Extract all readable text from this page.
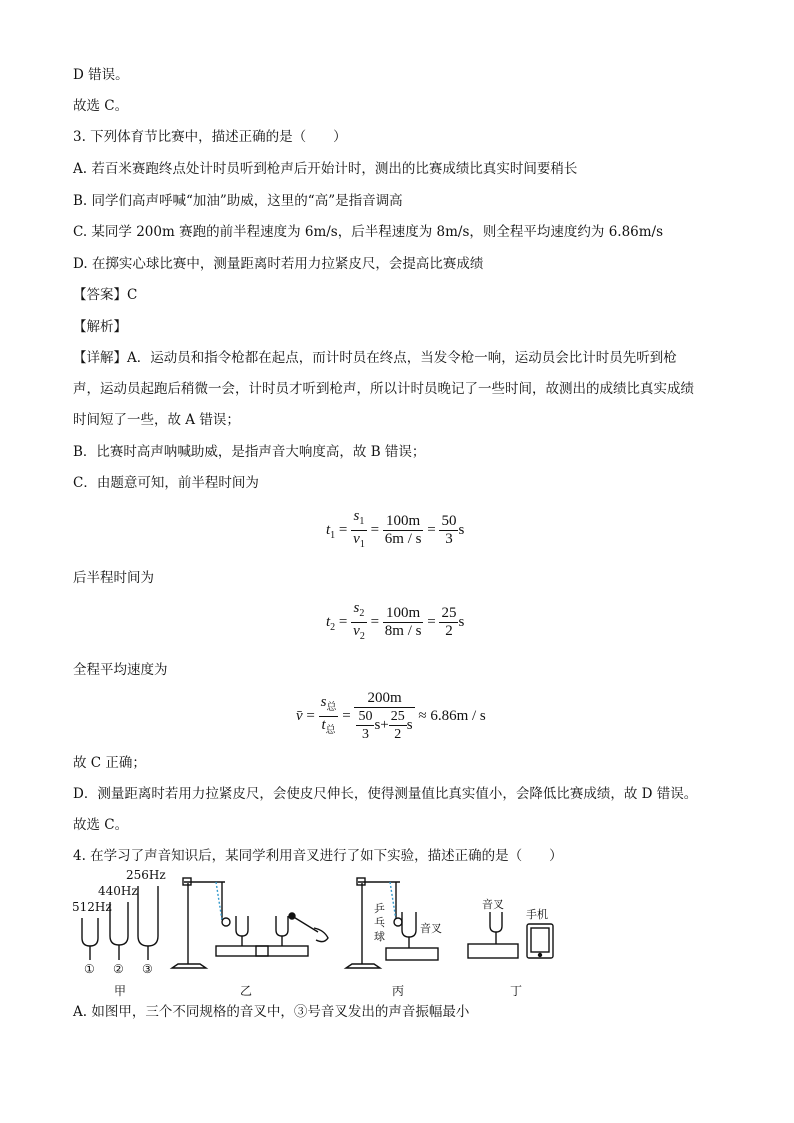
D 错误。
故选 C。
3. 下列体育节比赛中，描述正确的是（　　）
A. 若百米赛跑终点处计时员听到枪声后开始计时，测出的比赛成绩比真实时间要稍长
B. 同学们高声呼喊“加油”助威，这里的“高”是指音调高
C. 某同学 200m 赛跑的前半程速度为 6m/s，后半程速度为 8m/s，则全程平均速度约为 6.86m/s
D. 在掷实心球比赛中，测量距离时若用力拉紧皮尺，会提高比赛成绩
【答案】C
【解析】
【详解】A．运动员和指令枪都在起点，而计时员在终点，当发令枪一响，运动员会比计时员先听到枪
声，运动员起跑后稍微一会，计时员才听到枪声，所以计时员晚记了一些时间，故测出的成绩比真实成绩
时间短了一些，故 A 错误；
B．比赛时高声呐喊助威，是指声音大响度高，故 B 错误；
C．由题意可知，前半程时间为
$t_1 = \frac{s_1}{v_1} = \frac{100m}{6m / s} = \frac{50}{3}$ s
后半程时间为
$t_2 = \frac{s_2}{v_2} = \frac{100m}{8m / s} = \frac{25}{2}$ s
全程平均速度为
v̄ = $\frac{s_总}{t_总} = \frac{200m}{\frac{50}{3} s+ \frac{25}{2} s} \approx 6.86m / s$
故 C 正确；
D．测量距离时若用力拉紧皮尺，会使皮尺伸长，使得测量值比真实值小，会降低比赛成绩，故 D 错误。
故选 C。
4. 在学习了声音知识后，某同学利用音叉进行了如下实验，描述正确的是（　　）
512Hz
440Hz
256Hz
① ② ③
乒乓球
音叉
音叉
手机
甲	乙	丙	丁
A. 如图甲，三个不同规格的音叉中，③号音叉发出的声音振幅最小
